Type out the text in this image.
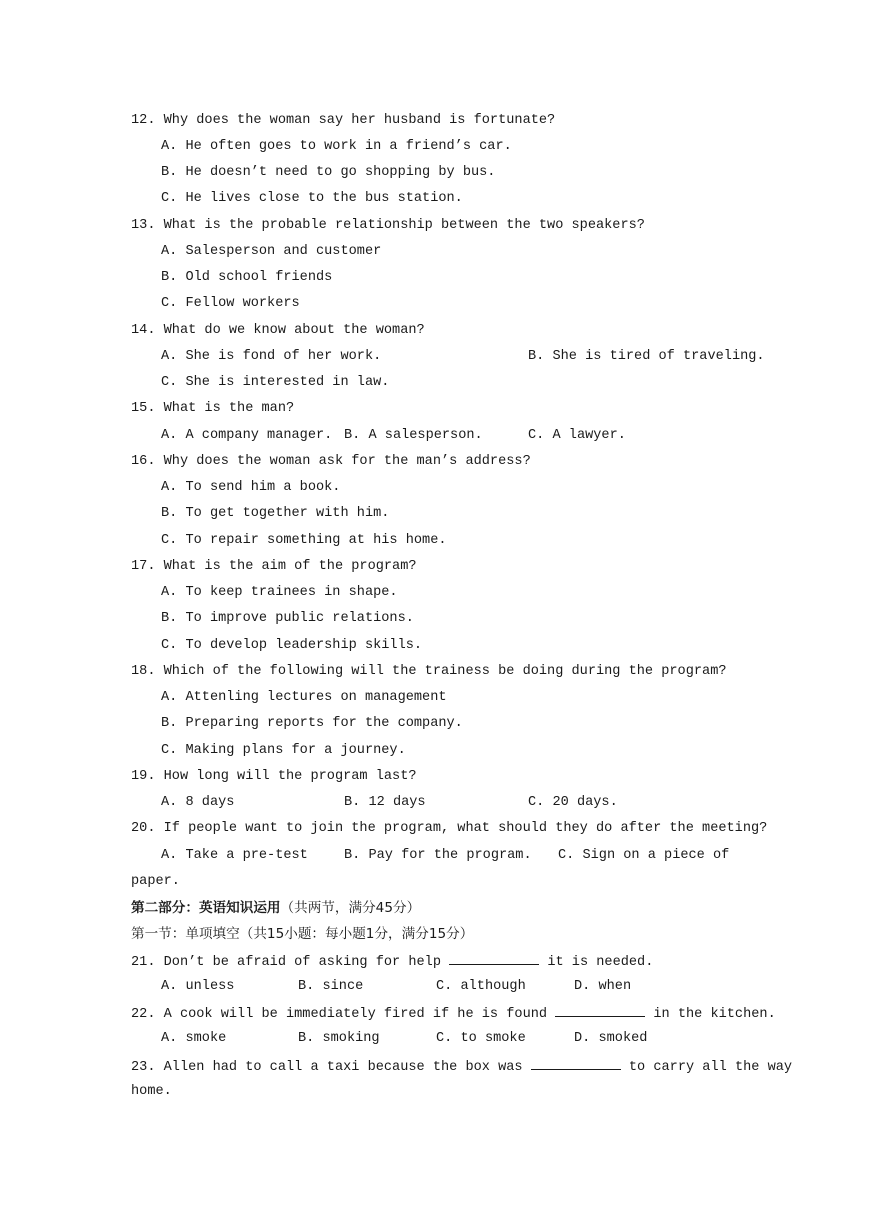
12. Why does the woman say her husband is fortunate?
A. He often goes to work in a friend’s car.
B. He doesn’t need to go shopping by bus.
C. He lives close to the bus station.
13. What is the probable relationship between the two speakers?
A. Salesperson and customer
B. Old school friends
C. Fellow workers
14. What do we know about the woman?
A. She is fond of her work.	B. She is tired of traveling.
C. She is interested in law.
15. What is the man?
A. A company manager. B. A salesperson.	C. A lawyer.
16. Why does the woman ask for the man’s address?
A. To send him a book.
B. To get together with him.
C. To repair something at his home.
17. What is the aim of the program?
A. To keep trainees in shape.
B. To improve public relations.
C. To develop leadership skills.
18. Which of the following will the trainess be doing during the program?
A. Attenling lectures on management
B. Preparing reports for the company.
C. Making plans for a journey.
19. How long will the program last?
A. 8 days	B. 12 days	C. 20 days.
20. If people want to join the program, what should they do after the meeting?
A. Take a pre-test	B. Pay for the program. C. Sign on a piece of
paper.
第二部分：英语知识运用（共两节，满分45分）
第一节：单项填空（共15小题：每小题1分，满分15分）
21. Don’t be afraid of asking for help	it is needed.
A. unless	B. since	C. although	D. when
22. A cook will be immediately fired if he is found	in the kitchen.
A. smoke	B. smoking	C. to smoke	D. smoked
23. Allen had to call a taxi because the box was	to carry all the way
home.
